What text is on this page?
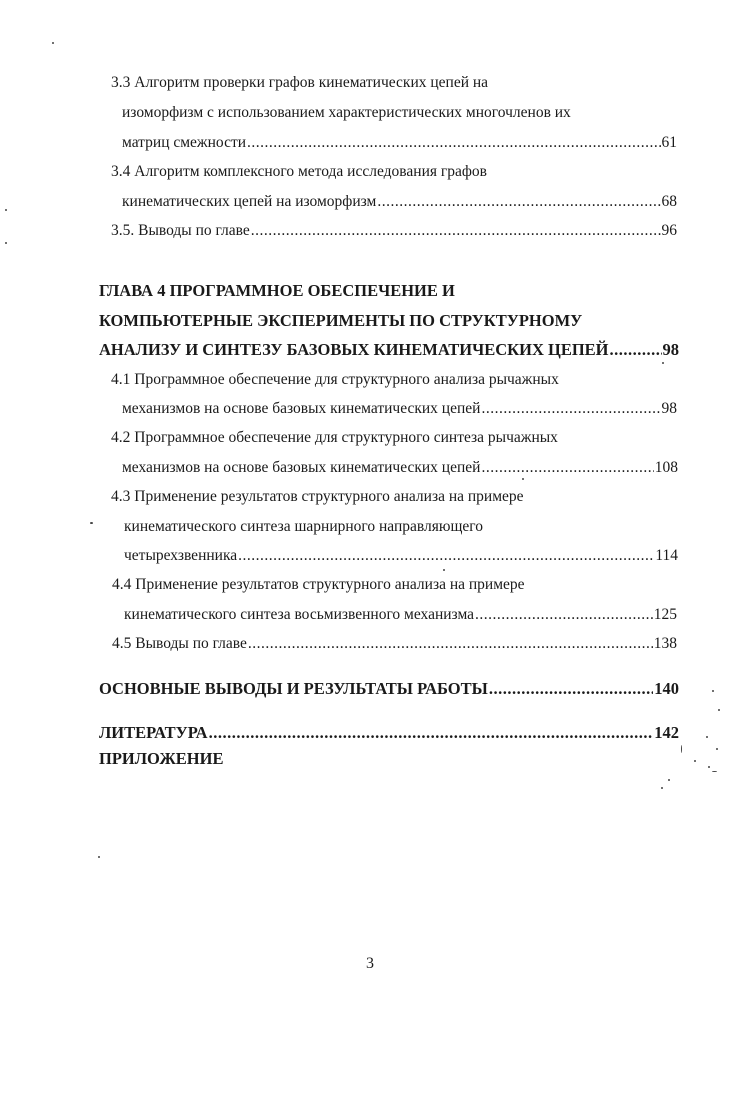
3.3 Алгоритм проверки графов кинематических цепей на
изоморфизм с использованием характеристических многочленов их
матриц смежности .....	61
3.4 Алгоритм комплексного метода исследования графов
кинематических цепей на изоморфизм .....	68
3.5. Выводы по главе .....	96
ГЛАВА 4 ПРОГРАММНОЕ ОБЕСПЕЧЕНИЕ И
КОМПЬЮТЕРНЫЕ ЭКСПЕРИМЕНТЫ ПО СТРУКТУРНОМУ
АНАЛИЗУ И СИНТЕЗУ БАЗОВЫХ КИНЕМАТИЧЕСКИХ ЦЕПЕЙ .....	98
4.1 Программное обеспечение для структурного анализа рычажных
механизмов на основе базовых кинематических цепей .....	98
4.2 Программное обеспечение для структурного синтеза рычажных
механизмов на основе базовых кинематических цепей .....	108
4.3 Применение результатов структурного анализа на примере
кинематического синтеза шарнирного направляющего
четырехзвенника .....	114
4.4 Применение результатов структурного анализа на примере
кинематического синтеза восьмизвенного механизма .....	125
4.5 Выводы по главе .....	138
ОСНОВНЫЕ ВЫВОДЫ И РЕЗУЛЬТАТЫ РАБОТЫ .....	140
ЛИТЕРАТУРА .....	142
ПРИЛОЖЕНИЕ
3
